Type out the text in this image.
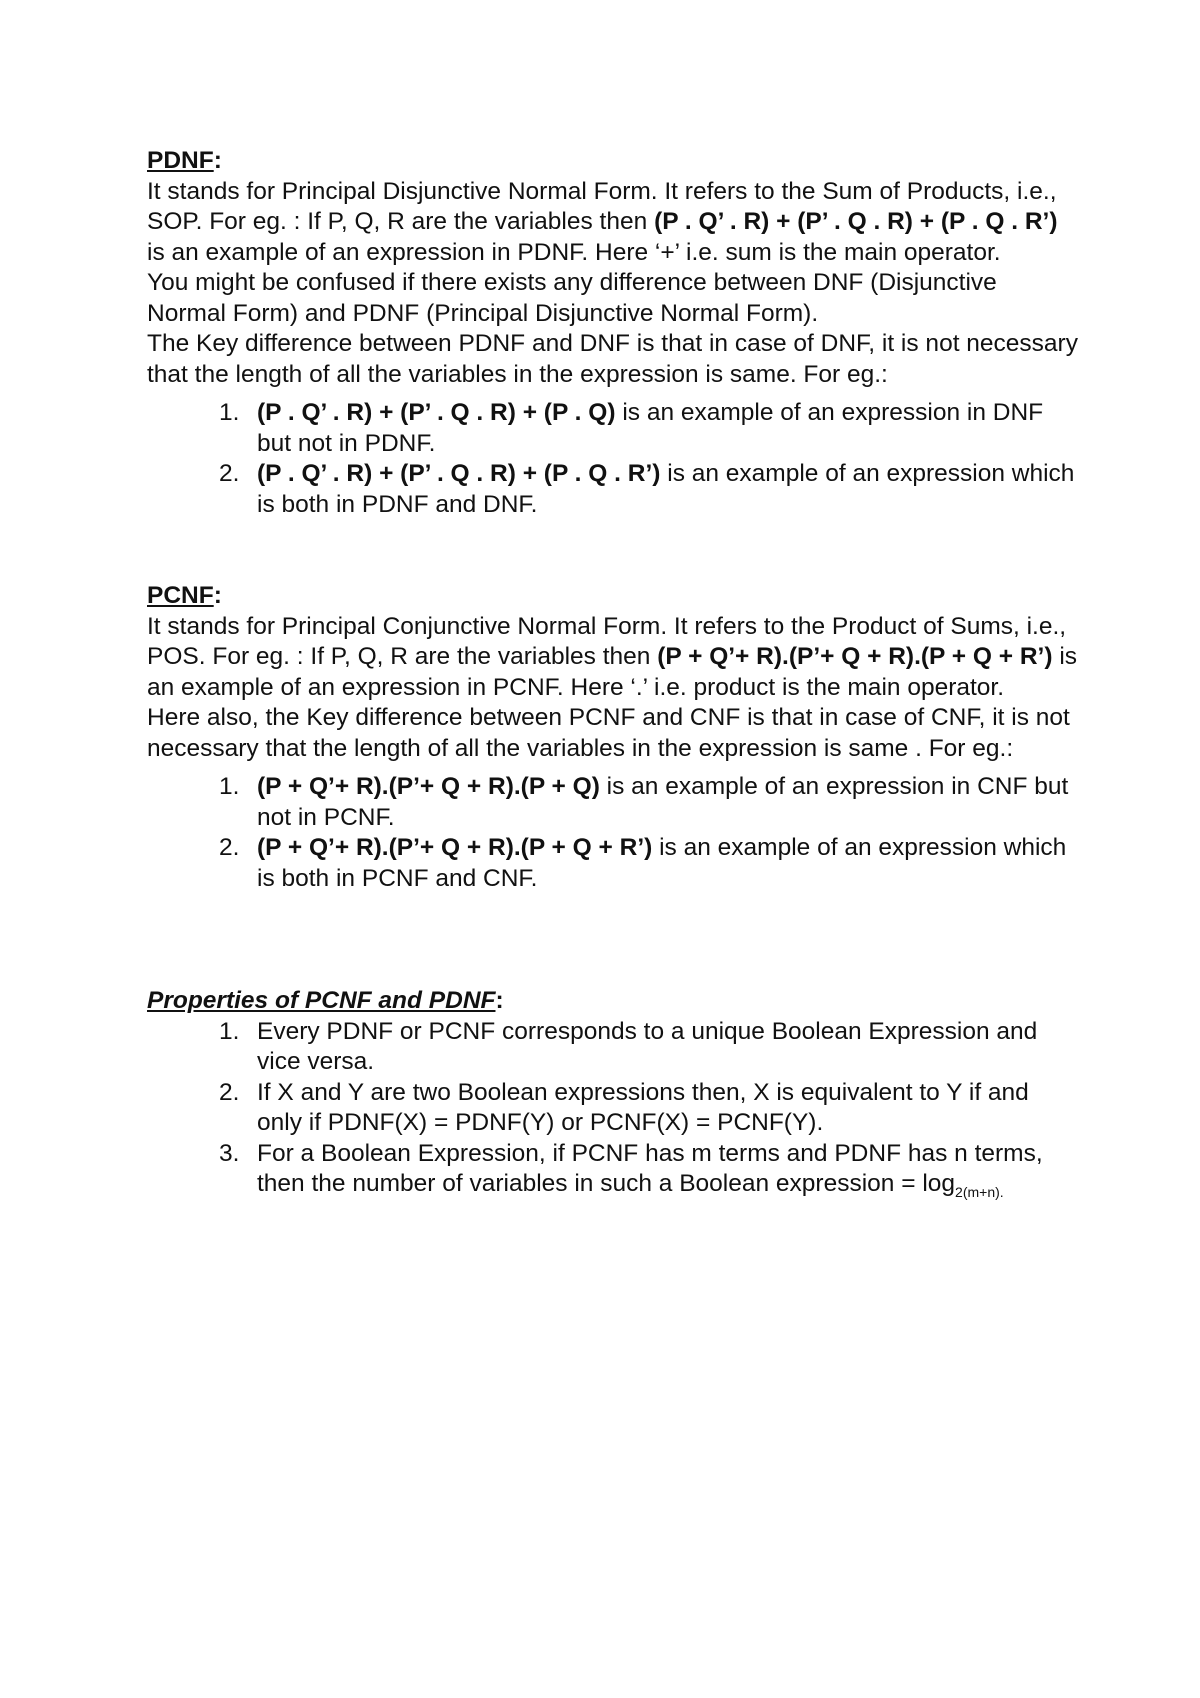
PDNF:

It stands for Principal Disjunctive Normal Form. It refers to the Sum of Products, i.e., SOP. For eg. : If P, Q, R are the variables then (P . Q’ . R) + (P’ . Q . R) + (P . Q . R’) is an example of an expression in PDNF. Here ‘+’ i.e. sum is the main operator.

You might be confused if there exists any difference between DNF (Disjunctive Normal Form) and PDNF (Principal Disjunctive Normal Form).

The Key difference between PDNF and DNF is that in case of DNF, it is not necessary that the length of all the variables in the expression is same. For eg.:

1. (P . Q’ . R) + (P’ . Q . R) + (P . Q) is an example of an expression in DNF but not in PDNF.
2. (P . Q’ . R) + (P’ . Q . R) + (P . Q . R’) is an example of an expression which is both in PDNF and DNF.

PCNF:

It stands for Principal Conjunctive Normal Form. It refers to the Product of Sums, i.e., POS. For eg. : If P, Q, R are the variables then (P + Q’+ R).(P’+ Q + R).(P + Q + R’) is an example of an expression in PCNF. Here ‘.’ i.e. product is the main operator.

Here also, the Key difference between PCNF and CNF is that in case of CNF, it is not necessary that the length of all the variables in the expression is same . For eg.:

1. (P + Q’+ R).(P’+ Q + R).(P + Q) is an example of an expression in CNF but not in PCNF.
2. (P + Q’+ R).(P’+ Q + R).(P + Q + R’) is an example of an expression which is both in PCNF and CNF.

Properties of PCNF and PDNF:

1. Every PDNF or PCNF corresponds to a unique Boolean Expression and vice versa.
2. If X and Y are two Boolean expressions then, X is equivalent to Y if and only if PDNF(X) = PDNF(Y) or PCNF(X) = PCNF(Y).
3. For a Boolean Expression, if PCNF has m terms and PDNF has n terms, then the number of variables in such a Boolean expression = $\log_{2(m+n).}$
